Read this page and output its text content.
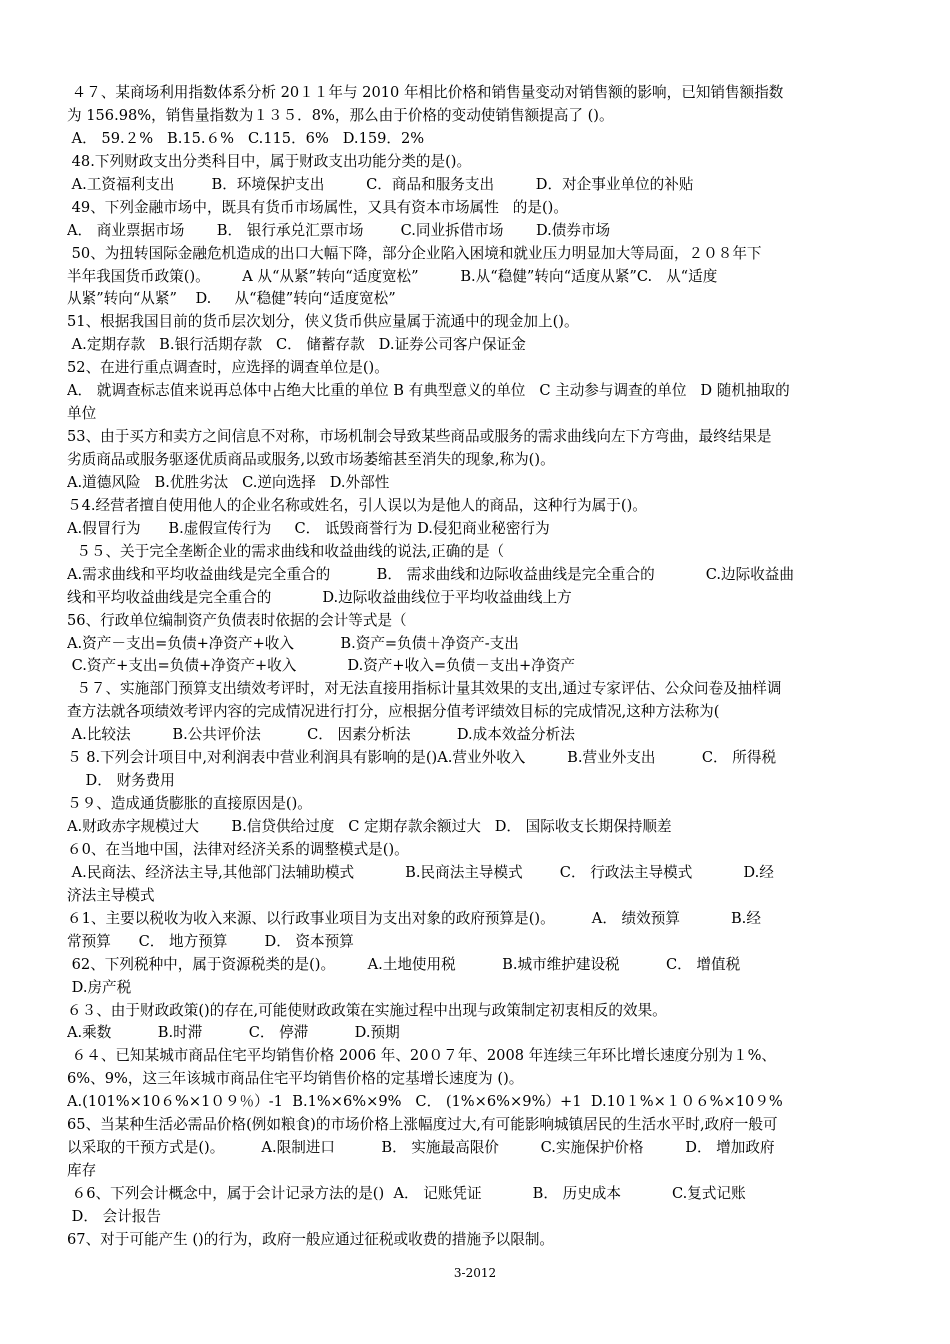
４７、某商场利用指数体系分析 20１１年与 2010 年相比价格和销售量变动对销售额的影响，已知销售额指数
为 156.98%，销售量指数为１３５．8%，那么由于价格的变动使销售额提高了 ()。
A． 59.２%   B.15.６%   C.115．6%   D.159．2%
48.下列财政支出分类科目中，属于财政支出功能分类的是()。
A.工资福利支出        B．环境保护支出         C．商品和服务支出         D．对企事业单位的补贴
49、下列金融市场中，既具有货币市场属性，又具有资本市场属性   的是()。
A． 商业票据市场       B． 银行承兑汇票市场        C.同业拆借市场       D.债券市场
50、为扭转国际金融危机造成的出口大幅下降，部分企业陷入困境和就业压力明显加大等局面，２０８年下
半年我国货币政策()。       A 从“从紧”转向“适度宽松”         B.从“稳健”转向“适度从紧”C.   从“适度
从紧”转向“从紧”    D.     从“稳健”转向“适度宽松”
51、根据我国目前的货币层次划分，侠义货币供应量属于流通中的现金加上()。
A.定期存款   B.银行活期存款   C． 储蓄存款   D.证券公司客户保证金
52、在进行重点调查时，应选择的调查单位是()。
A． 就调查标志值来说再总体中占绝大比重的单位 B 有典型意义的单位   C 主动参与调查的单位   D 随机抽取的
单位
53、由于买方和卖方之间信息不对称，市场机制会导致某些商品或服务的需求曲线向左下方弯曲，最终结果是
劣质商品或服务驱逐优质商品或服务,以致市场萎缩甚至消失的现象,称为()。
A.道德风险   B.优胜劣汰   C.逆向选择   D.外部性
５4.经营者擅自使用他人的企业名称或姓名，引人误以为是他人的商品，这种行为属于()。
A.假冒行为      B.虚假宣传行为     C． 诋毁商誉行为 D.侵犯商业秘密行为
５５、关于完全垄断企业的需求曲线和收益曲线的说法,正确的是（
A.需求曲线和平均收益曲线是完全重合的          B． 需求曲线和边际收益曲线是完全重合的           C.边际收益曲
线和平均收益曲线是完全重合的           D.边际收益曲线位于平均收益曲线上方
56、行政单位编制资产负债表时依据的会计等式是（
A.资产－支出=负债+净资产+收入          B.资产=负债＋净资产-支出
C.资产+支出=负债+净资产+收入           D.资产+收入=负债－支出+净资产
５７、实施部门预算支出绩效考评时，对无法直接用指标计量其效果的支出,通过专家评估、公众问卷及抽样调
查方法就各项绩效考评内容的完成情况进行打分，应根据分值考评绩效目标的完成情况,这种方法称为(
A.比较法         B.公共评价法          C． 因素分析法          D.成本效益分析法
５ 8.下列会计项目中,对利润表中营业利润具有影响的是()A.营业外收入         B.营业外支出          C． 所得税
D． 财务费用
５９、造成通货膨胀的直接原因是()。
A.财政赤字规模过大       B.信贷供给过度   C 定期存款余额过大   D． 国际收支长期保持顺差
６0、在当地中国，法律对经济关系的调整模式是()。
A.民商法、经济法主导,其他部门法辅助模式           B.民商法主导模式        C． 行政法主导模式           D.经
济法主导模式
６1、主要以税收为收入来源、以行政事业项目为支出对象的政府预算是()。        A． 绩效预算           B.经
常预算      C． 地方预算        D． 资本预算
62、下列税种中，属于资源税类的是()。       A.土地使用税          B.城市维护建设税          C． 增值税
D.房产税
６３、由于财政政策()的存在,可能使财政政策在实施过程中出现与政策制定初衷相反的效果。
A.乘数          B.时滞          C． 停滞          D.预期
６４、已知某城市商品住宅平均销售价格 2006 年、20０７年、2008 年连续三年环比增长速度分别为１%、
6%、9%，这三年该城市商品住宅平均销售价格的定基增长速度为 ()。
A.(101%×10６%×1０９％）-1  B.1%×6%×9%   C． (1%×6%×9%）+1  D.10１%×１０６%×10９%
65、当某种生活必需品价格(例如粮食)的市场价格上涨幅度过大,有可能影响城镇居民的生活水平时,政府一般可
以采取的干预方式是()。        A.限制进口          B． 实施最高限价         C.实施保护价格         D． 增加政府
库存
６6、下列会计概念中，属于会计记录方法的是()  A． 记账凭证           B． 历史成本           C.复式记账
D． 会计报告
67、对于可能产生 ()的行为，政府一般应通过征税或收费的措施予以限制。
3-2012
